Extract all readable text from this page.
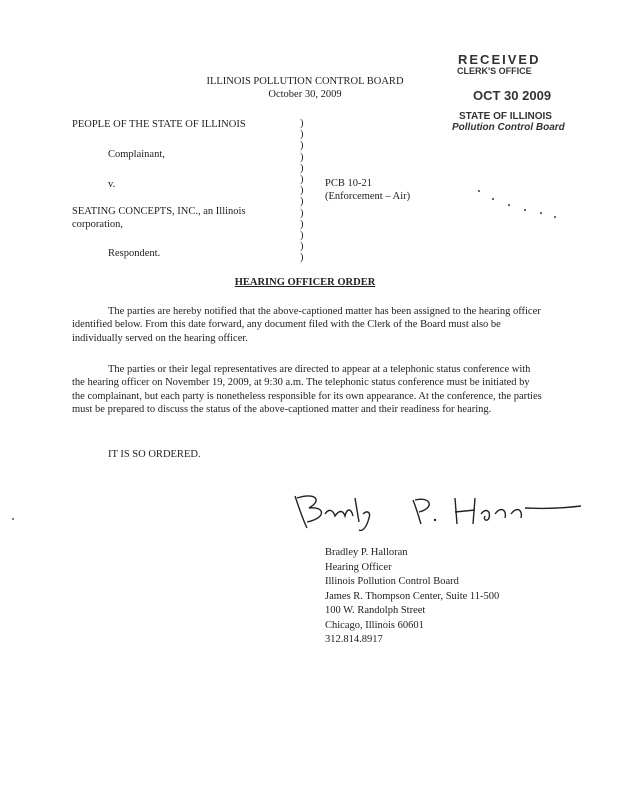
ILLINOIS POLLUTION CONTROL BOARD
October 30, 2009
RECEIVED
CLERK'S OFFICE
OCT 30 2009
STATE OF ILLINOIS
Pollution Control Board
PEOPLE OF THE STATE OF ILLINOIS
Complainant,
v.
SEATING CONCEPTS, INC., an Illinois
corporation,
Respondent.
)
)
)
)
)
)
)
)
)
)
)
)
)
PCB 10-21
(Enforcement – Air)
HEARING OFFICER ORDER
The parties are hereby notified that the above-captioned matter has been assigned to the hearing officer identified below. From this date forward, any document filed with the Clerk of the Board must also be individually served on the hearing officer.
The parties or their legal representatives are directed to appear at a telephonic status conference with the hearing officer on November 19, 2009, at 9:30 a.m. The telephonic status conference must be initiated by the complainant, but each party is nonetheless responsible for its own appearance. At the conference, the parties must be prepared to discuss the status of the above-captioned matter and their readiness for hearing.
IT IS SO ORDERED.
Bradley P. Halloran
Hearing Officer
Illinois Pollution Control Board
James R. Thompson Center, Suite 11-500
100 W. Randolph Street
Chicago, Illinois 60601
312.814.8917
